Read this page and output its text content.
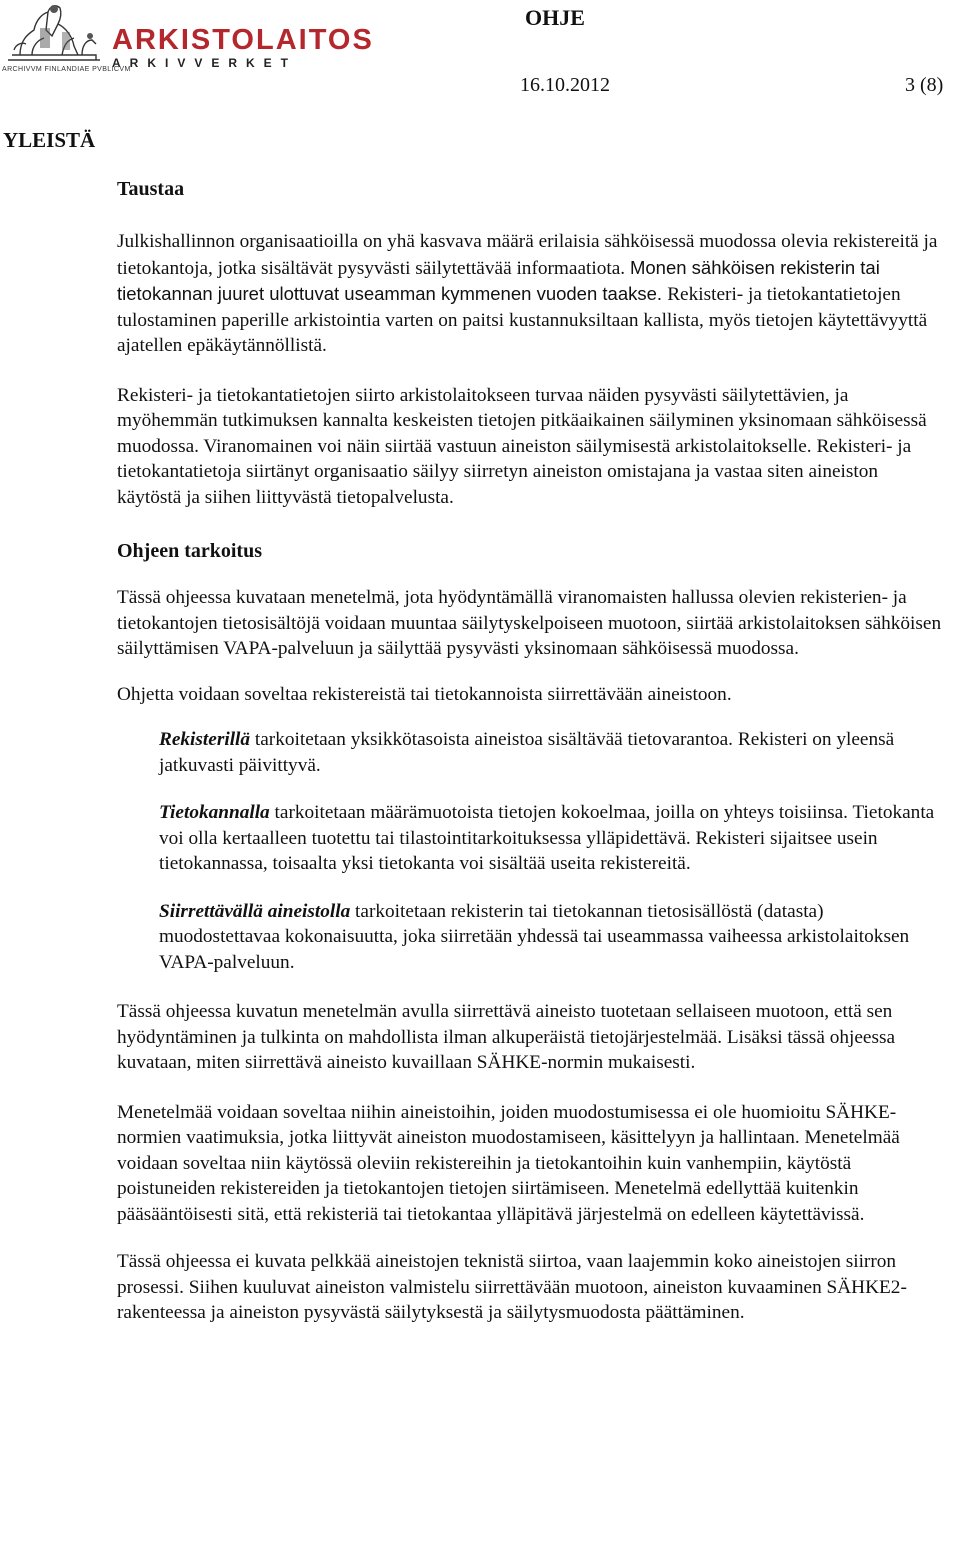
ARKISTOLAITOS
ARKIVVERKET
ARCHIVVM FINLANDIAE PVBLICVM
OHJE
16.10.2012	3 (8)
YLEISTÄ
Taustaa

Julkishallinnon organisaatioilla on yhä kasvava määrä erilaisia sähköisessä muodossa olevia rekistereitä ja tietokantoja, jotka sisältävät pysyvästi säilytettävää informaatiota. Monen sähköisen rekisterin tai tietokannan juuret ulottuvat useamman kymmenen vuoden taakse. Rekisteri- ja tietokantatietojen tulostaminen paperille arkistointia varten on paitsi kustannuksiltaan kallista, myös tietojen käytettävyyttä ajatellen epäkäytännöllistä.

Rekisteri- ja tietokantatietojen siirto arkistolaitokseen turvaa näiden pysyvästi säilytettävien, ja myöhemmän tutkimuksen kannalta keskeisten tietojen pitkäaikainen säilyminen yksinomaan sähköisessä muodossa. Viranomainen voi näin siirtää vastuun aineiston säilymisestä arkistolaitokselle. Rekisteri- ja tietokantatietoja siirtänyt organisaatio säilyy siirretyn aineiston omistajana ja vastaa siten aineiston käytöstä ja siihen liittyvästä tietopalvelusta.

Ohjeen tarkoitus

Tässä ohjeessa kuvataan menetelmä, jota hyödyntämällä viranomaisten hallussa olevien rekisterien- ja tietokantojen tietosisältöjä voidaan muuntaa säilytyskelpoiseen muotoon, siirtää arkistolaitoksen sähköisen säilyttämisen VAPA-palveluun ja säilyttää pysyvästi yksinomaan sähköisessä muodossa.

Ohjetta voidaan soveltaa rekistereistä tai tietokannoista siirrettävään aineistoon.

Rekisterillä tarkoitetaan yksikkötasoista aineistoa sisältävää tietovarantoa. Rekisteri on yleensä jatkuvasti päivittyvä.

Tietokannalla tarkoitetaan määrämuotoista tietojen kokoelmaa, joilla on yhteys toisiinsa. Tietokanta voi olla kertaalleen tuotettu tai tilastointitarkoituksessa ylläpidettävä. Rekisteri sijaitsee usein tietokannassa, toisaalta yksi tietokanta voi sisältää useita rekistereitä.

Siirrettävällä aineistolla tarkoitetaan rekisterin tai tietokannan tietosisällöstä (datasta) muodostettavaa kokonaisuutta, joka siirretään yhdessä tai useammassa vaiheessa arkistolaitoksen VAPA-palveluun.

Tässä ohjeessa kuvatun menetelmän avulla siirrettävä aineisto tuotetaan sellaiseen muotoon, että sen hyödyntäminen ja tulkinta on mahdollista ilman alkuperäistä tietojärjestelmää. Lisäksi tässä ohjeessa kuvataan, miten siirrettävä aineisto kuvaillaan SÄHKE-normin mukaisesti.

Menetelmää voidaan soveltaa niihin aineistoihin, joiden muodostumisessa ei ole huomioitu SÄHKE-normien vaatimuksia, jotka liittyvät aineiston muodostamiseen, käsittelyyn ja hallintaan. Menetelmää voidaan soveltaa niin käytössä oleviin rekistereihin ja tietokantoihin kuin vanhempiin, käytöstä poistuneiden rekistereiden ja tietokantojen tietojen siirtämiseen. Menetelmä edellyttää kuitenkin pääsääntöisesti sitä, että rekisteriä tai tietokantaa ylläpitävä järjestelmä on edelleen käytettävissä.

Tässä ohjeessa ei kuvata pelkkää aineistojen teknistä siirtoa, vaan laajemmin koko aineistojen siirron prosessi. Siihen kuuluvat aineiston valmistelu siirrettävään muotoon, aineiston kuvaaminen SÄHKE2-rakenteessa ja aineiston pysyvästä säilytyksestä ja säilytysmuodosta päättäminen.
